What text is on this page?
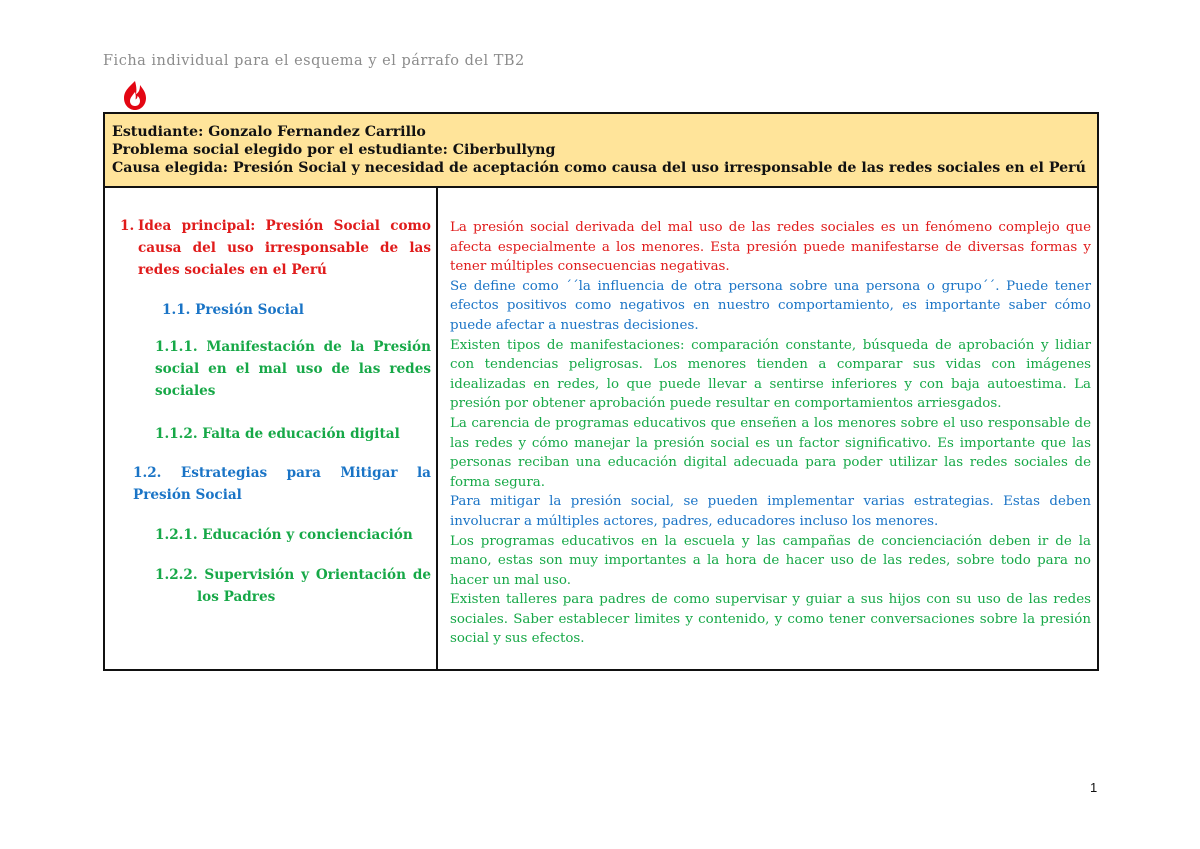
Ficha individual para el esquema y el párrafo del TB2
Estudiante: Gonzalo Fernandez Carrillo
Problema social elegido por el estudiante: Ciberbullyng
Causa elegida: Presión Social y necesidad de aceptación como causa del uso irresponsable de las redes sociales en el Perú
1. Idea principal: Presión Social como causa del uso irresponsable de las redes sociales en el Perú
1.1. Presión Social
1.1.1. Manifestación de la Presión social en el mal uso de las redes sociales
1.1.2. Falta de educación digital
1.2. Estrategias para Mitigar la Presión Social
1.2.1. Educación y concienciación
1.2.2. Supervisión y Orientación de
los Padres

La presión social derivada del mal uso de las redes sociales es un fenómeno complejo que afecta especialmente a los menores. Esta presión puede manifestarse de diversas formas y tener múltiples consecuencias negativas.

Se define como ´´la influencia de otra persona sobre una persona o grupo´´. Puede tener efectos positivos como negativos en nuestro comportamiento, es importante saber cómo puede afectar a nuestras decisiones.

Existen tipos de manifestaciones: comparación constante, búsqueda de aprobación y lidiar con tendencias peligrosas. Los menores tienden a comparar sus vidas con imágenes idealizadas en redes, lo que puede llevar a sentirse inferiores y con baja autoestima. La presión por obtener aprobación puede resultar en comportamientos arriesgados.

La carencia de programas educativos que enseñen a los menores sobre el uso responsable de las redes y cómo manejar la presión social es un factor significativo. Es importante que las personas reciban una educación digital adecuada para poder utilizar las redes sociales de forma segura.

Para mitigar la presión social, se pueden implementar varias estrategias. Estas deben involucrar a múltiples actores, padres, educadores incluso los menores.

Los programas educativos en la escuela y las campañas de concienciación deben ir de la mano, estas son muy importantes a la hora de hacer uso de las redes, sobre todo para no hacer un mal uso.

Existen talleres para padres de como supervisar y guiar a sus hijos con su uso de las redes sociales. Saber establecer limites y contenido, y como tener conversaciones sobre la presión social y sus efectos.

1
